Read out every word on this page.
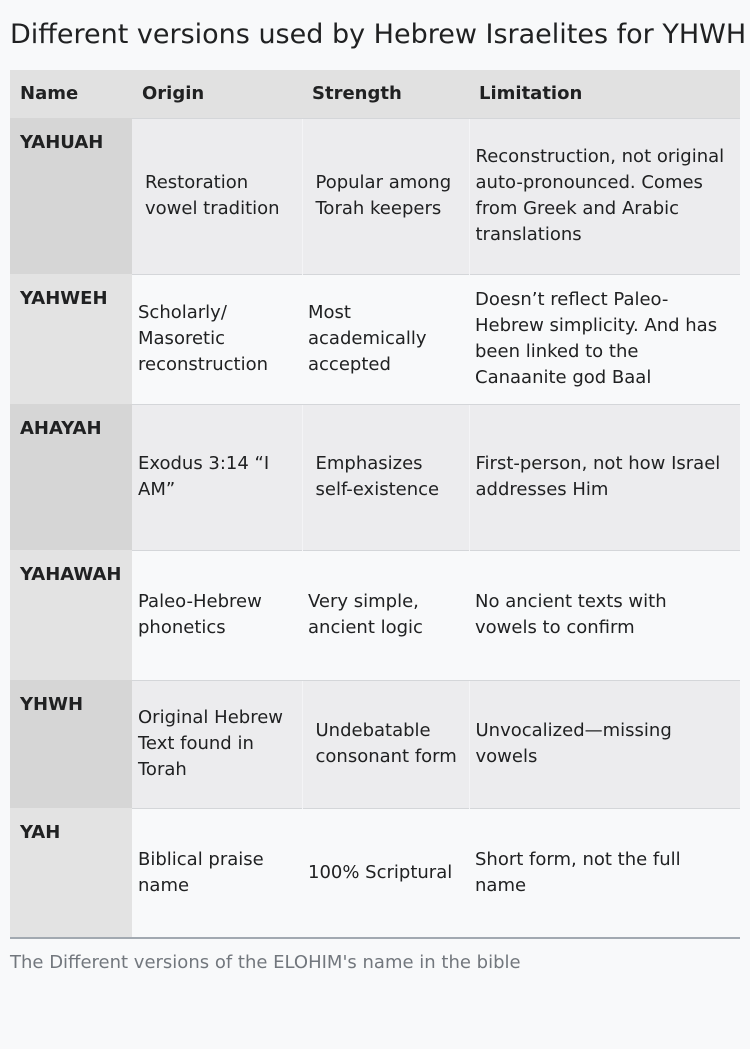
Different versions used by Hebrew Israelites for YHWH
Name	Origin	Strength	Limitation
YAHUAH	Restoration vowel tradition	Popular among Torah keepers	Reconstruction, not original auto-pronounced. Comes from Greek and Arabic translations
YAHWEH	Scholarly/ Masoretic reconstruction	Most academically accepted	Doesn’t reflect Paleo-Hebrew simplicity. And has been linked to the Canaanite god Baal
AHAYAH	Exodus 3:14 “I AM”	Emphasizes self-existence	First-person, not how Israel addresses Him
YAHAWAH	Paleo-Hebrew phonetics	Very simple, ancient logic	No ancient texts with vowels to confirm
YHWH	Original Hebrew Text found in Torah	Undebatable consonant form	Unvocalized—missing vowels
YAH	Biblical praise name	100% Scriptural	Short form, not the full name

The Different versions of the ELOHIM's name in the bible
